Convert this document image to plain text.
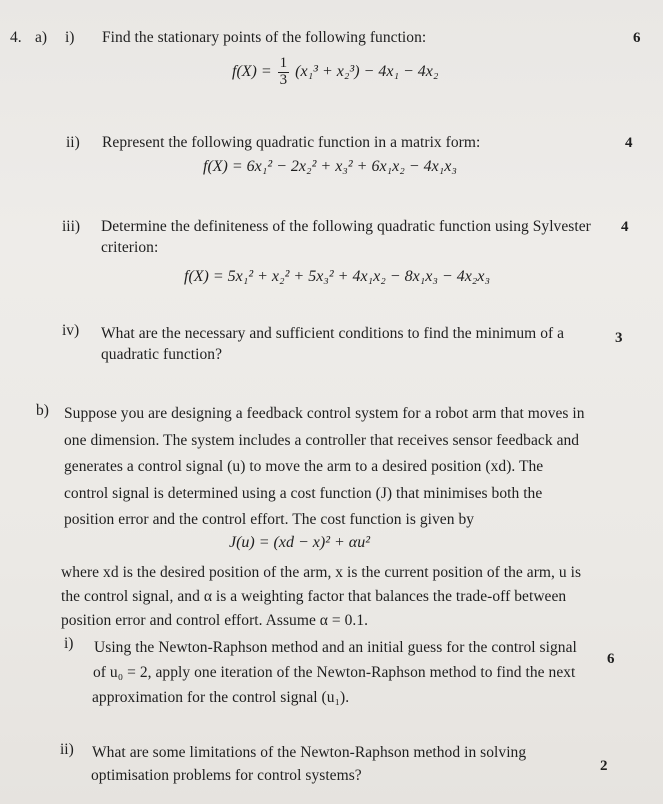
4. a) i) Find the stationary points of the following function:	6
$f(X) = \frac{1}{3} (x_1^3 + x_2^3) - 4x_1 - 4x_2$
ii) Represent the following quadratic function in a matrix form:	4
f(X) = 6x₁² − 2x₂² + x₃² + 6x₁x₂ − 4x₁x₃
iii) Determine the definiteness of the following quadratic function using Sylvester
criterion:
4
f(X) = 5x₁² + x₂² + 5x₃² + 4x₁x₂ − 8x₁x₃ − 4x₂x₃
iv) What are the necessary and sufficient conditions to find the minimum of a
quadratic function?
3
b) Suppose you are designing a feedback control system for a robot arm that moves in
one dimension. The system includes a controller that receives sensor feedback and
generates a control signal (u) to move the arm to a desired position (xd). The
control signal is determined using a cost function (J) that minimises both the
position error and the control effort. The cost function is given by
J(u) = (xd − x)² + αu²
where xd is the desired position of the arm, x is the current position of the arm, u is
the control signal, and α is a weighting factor that balances the trade-off between
position error and control effort. Assume α = 0.1.
i) Using the Newton-Raphson method and an initial guess for the control signal
of u₀ = 2, apply one iteration of the Newton-Raphson method to find the next
approximation for the control signal (u₁).
6
ii) What are some limitations of the Newton-Raphson method in solving
optimisation problems for control systems?
2
